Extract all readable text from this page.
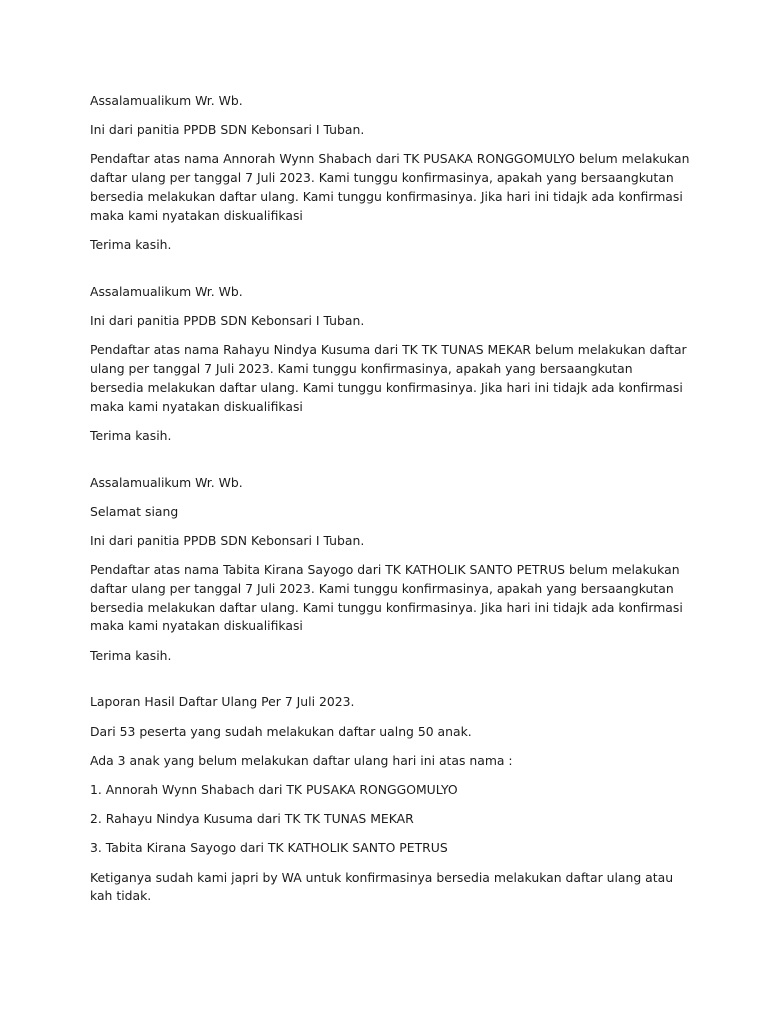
Assalamualikum Wr. Wb.

Ini dari panitia PPDB SDN Kebonsari I Tuban.

Pendaftar atas nama Annorah Wynn Shabach dari TK PUSAKA RONGGOMULYO belum melakukan daftar ulang per tanggal 7 Juli 2023. Kami tunggu konfirmasinya, apakah yang bersaangkutan bersedia melakukan daftar ulang. Kami tunggu konfirmasinya. Jika hari ini tidajk ada konfirmasi maka kami nyatakan diskualifikasi

Terima kasih.

Assalamualikum Wr. Wb.

Ini dari panitia PPDB SDN Kebonsari I Tuban.

Pendaftar atas nama Rahayu Nindya Kusuma dari TK TK TUNAS MEKAR belum melakukan daftar ulang per tanggal 7 Juli 2023. Kami tunggu konfirmasinya, apakah yang bersaangkutan bersedia melakukan daftar ulang. Kami tunggu konfirmasinya. Jika hari ini tidajk ada konfirmasi maka kami nyatakan diskualifikasi

Terima kasih.

Assalamualikum Wr. Wb.

Selamat siang

Ini dari panitia PPDB SDN Kebonsari I Tuban.

Pendaftar atas nama Tabita Kirana Sayogo dari TK KATHOLIK SANTO PETRUS belum melakukan daftar ulang per tanggal 7 Juli 2023. Kami tunggu konfirmasinya, apakah yang bersaangkutan bersedia melakukan daftar ulang. Kami tunggu konfirmasinya. Jika hari ini tidajk ada konfirmasi maka kami nyatakan diskualifikasi

Terima kasih.

Laporan Hasil Daftar Ulang Per 7 Juli 2023.

Dari 53 peserta yang sudah melakukan daftar ualng 50 anak.

Ada 3 anak yang belum melakukan daftar ulang hari ini atas nama :

1. Annorah Wynn Shabach dari TK PUSAKA RONGGOMULYO

2. Rahayu Nindya Kusuma dari TK TK TUNAS MEKAR

3. Tabita Kirana Sayogo dari TK KATHOLIK SANTO PETRUS

Ketiganya sudah kami japri by WA untuk konfirmasinya bersedia melakukan daftar ulang atau kah tidak.
